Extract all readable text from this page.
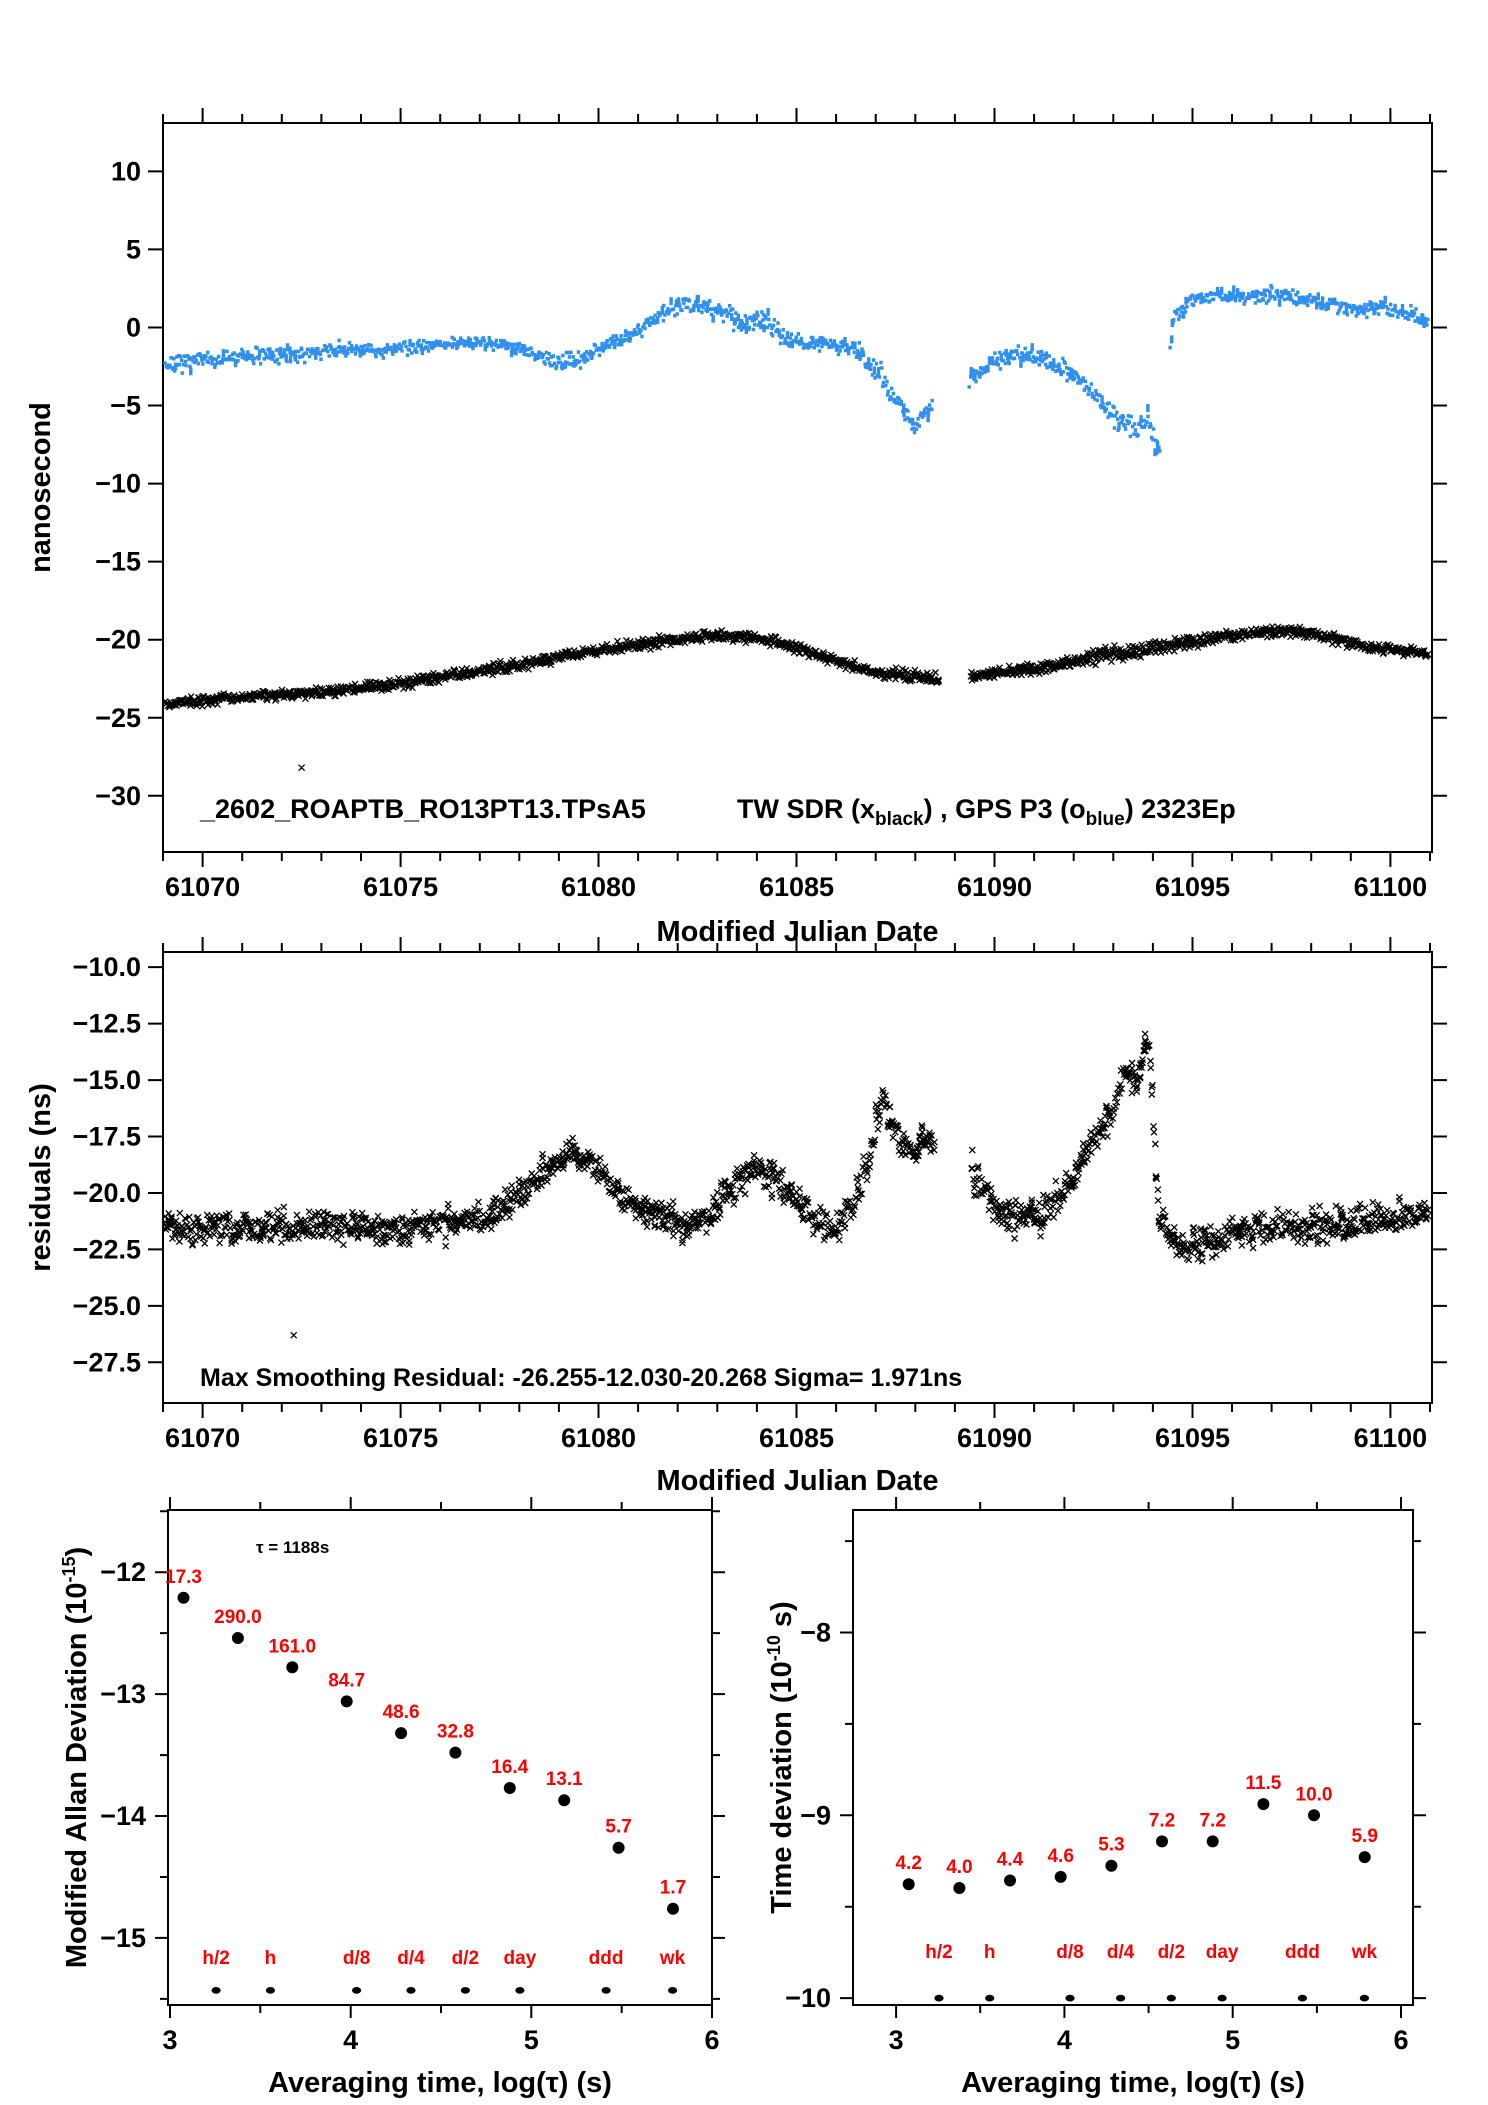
61070	61075	61080	61085	61090	61095	61100
10
5
0
−5
−10
−15
−20
−25
−30
Modified Julian Date
nanosecond
_2602_ROAPTB_RO13PT13.TPsA5	TW SDR $(x_{black})$ , GPS P3 $(o_{blue})$ 2323Ep
61070	61075	61080	61085	61090	61095	61100
−10.0
−12.5
−15.0
−17.5
−20.0
−22.5
−25.0
−27.5
Modified Julian Date
residuals (ns)
Max Smoothing Residual: -26.255-12.030-20.268 Sigma= 1.971ns
3	4	5	6
−12
−13
−14
−15
Averaging time, log(τ) (s)
Modified Allan Deviation $(10^{-15})$	τ = 1188s
17.3
290.0
161.0
84.7
48.6
32.8
16.4
13.1
5.7
1.7
h/2 h	d/8 d/4 d/2 day	ddd wk
3	4	5	6
−8
−9
−10
Averaging time, log(τ) (s)
Time deviation ($10^{-10}$ s)
4.2 4.0 4.4 4.6
5.3
7.2 7.2
11.5
10.0
5.9
h/2 h	d/8 d/4 d/2 day ddd wk
